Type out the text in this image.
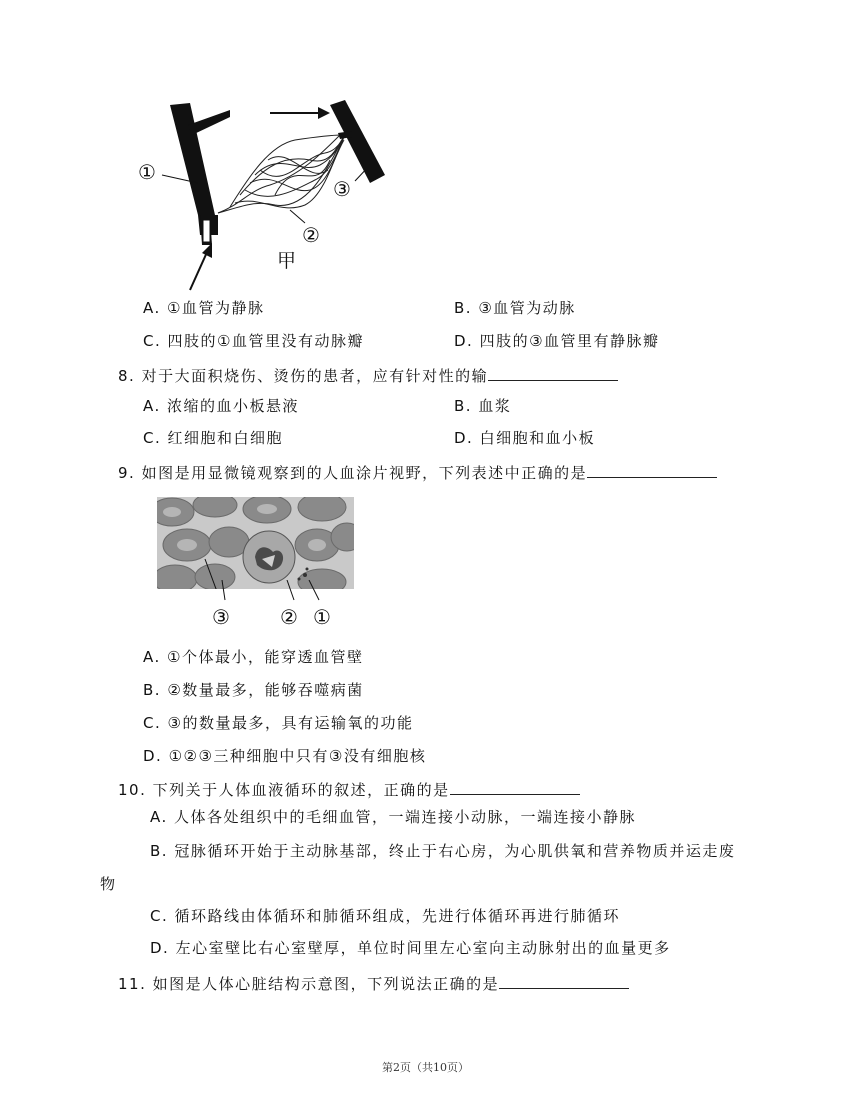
①
③
②
甲
A. ①血管为静脉	B. ③血管为动脉
C. 四肢的①血管里没有动脉瓣	D. 四肢的③血管里有静脉瓣
8. 对于大面积烧伤、烫伤的患者，应有针对性的输
A. 浓缩的血小板悬液	B. 血浆
C. 红细胞和白细胞	D. 白细胞和血小板
9. 如图是用显微镜观察到的人血涂片视野，下列表述中正确的是
③	② ①
A. ①个体最小，能穿透血管壁
B. ②数量最多，能够吞噬病菌
C. ③的数量最多，具有运输氧的功能
D. ①②③三种细胞中只有③没有细胞核
10. 下列关于人体血液循环的叙述，正确的是
A. 人体各处组织中的毛细血管，一端连接小动脉，一端连接小静脉
B. 冠脉循环开始于主动脉基部，终止于右心房，为心肌供氧和营养物质并运走废
物
C. 循环路线由体循环和肺循环组成，先进行体循环再进行肺循环
D. 左心室壁比右心室壁厚，单位时间里左心室向主动脉射出的血量更多
11. 如图是人体心脏结构示意图，下列说法正确的是
第2页（共10页）
